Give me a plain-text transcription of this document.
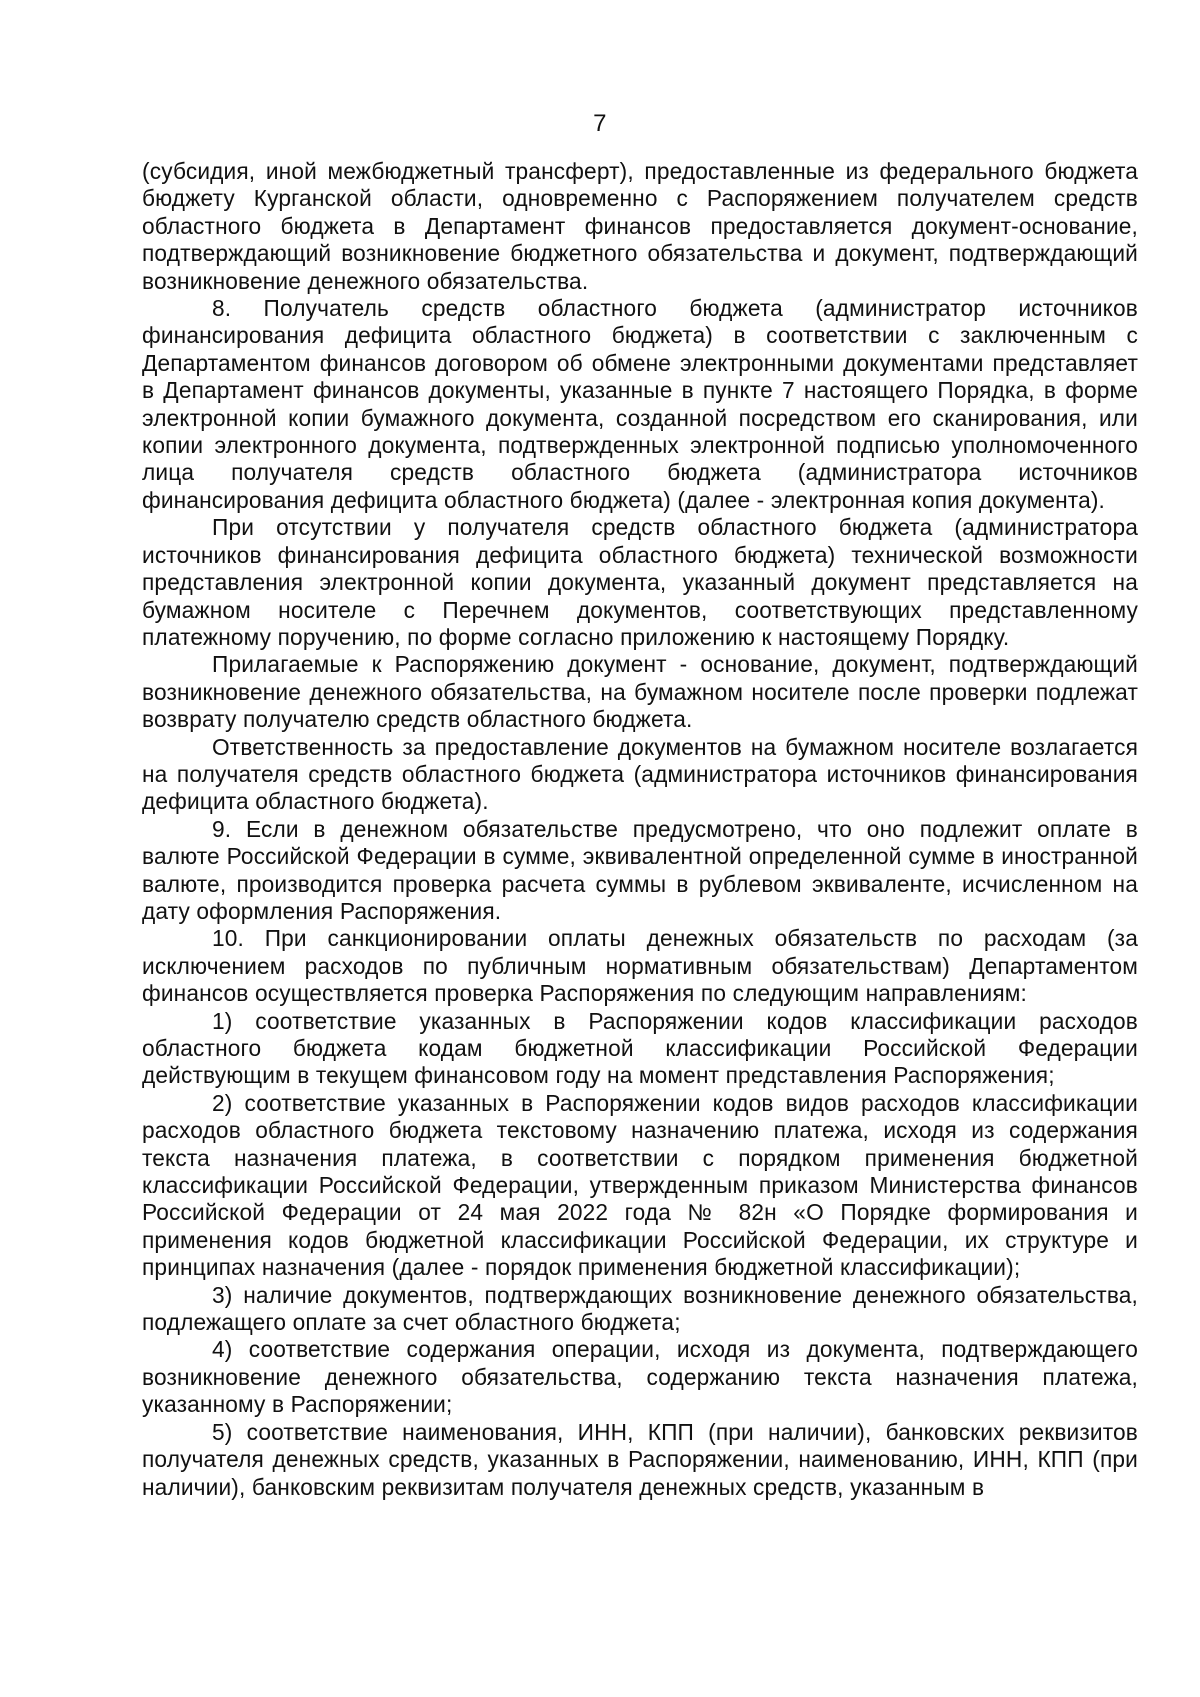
7

(субсидия, иной межбюджетный трансферт), предоставленные из федерального бюджета бюджету Курганской области, одновременно с Распоряжением получателем средств областного бюджета в Департамент финансов предоставляется документ-основание, подтверждающий возникновение бюджетного обязательства и документ, подтверждающий возникновение денежного обязательства.

8. Получатель средств областного бюджета (администратор источников финансирования дефицита областного бюджета) в соответствии с заключенным с Департаментом финансов договором об обмене электронными документами представляет в Департамент финансов документы, указанные в пункте 7 настоящего Порядка, в форме электронной копии бумажного документа, созданной посредством его сканирования, или копии электронного документа, подтвержденных электронной подписью уполномоченного лица получателя средств областного бюджета (администратора источников финансирования дефицита областного бюджета) (далее - электронная копия документа).

При отсутствии у получателя средств областного бюджета (администратора источников финансирования дефицита областного бюджета) технической возможности представления электронной копии документа, указанный документ представляется на бумажном носителе с Перечнем документов, соответствующих представленному платежному поручению, по форме согласно приложению к настоящему Порядку.

Прилагаемые к Распоряжению документ - основание, документ, подтверждающий возникновение денежного обязательства, на бумажном носителе после проверки подлежат возврату получателю средств областного бюджета.

Ответственность за предоставление документов на бумажном носителе возлагается на получателя средств областного бюджета (администратора источников финансирования дефицита областного бюджета).

9. Если в денежном обязательстве предусмотрено, что оно подлежит оплате в валюте Российской Федерации в сумме, эквивалентной определенной сумме в иностранной валюте, производится проверка расчета суммы в рублевом эквиваленте, исчисленном на дату оформления Распоряжения.

10. При санкционировании оплаты денежных обязательств по расходам (за исключением расходов по публичным нормативным обязательствам) Департаментом финансов осуществляется проверка Распоряжения по следующим направлениям:

1) соответствие указанных в Распоряжении кодов классификации расходов областного бюджета кодам бюджетной классификации Российской Федерации действующим в текущем финансовом году на момент представления Распоряжения;

2) соответствие указанных в Распоряжении кодов видов расходов классификации расходов областного бюджета текстовому назначению платежа, исходя из содержания текста назначения платежа, в соответствии с порядком применения бюджетной классификации Российской Федерации, утвержденным приказом Министерства финансов Российской Федерации от 24 мая 2022 года № 82н «О Порядке формирования и применения кодов бюджетной классификации Российской Федерации, их структуре и принципах назначения (далее - порядок применения бюджетной классификации);

3) наличие документов, подтверждающих возникновение денежного обязательства, подлежащего оплате за счет областного бюджета;

4) соответствие содержания операции, исходя из документа, подтверждающего возникновение денежного обязательства, содержанию текста назначения платежа, указанному в Распоряжении;

5) соответствие наименования, ИНН, КПП (при наличии), банковских реквизитов получателя денежных средств, указанных в Распоряжении, наименованию, ИНН, КПП (при наличии), банковским реквизитам получателя денежных средств, указанным в
